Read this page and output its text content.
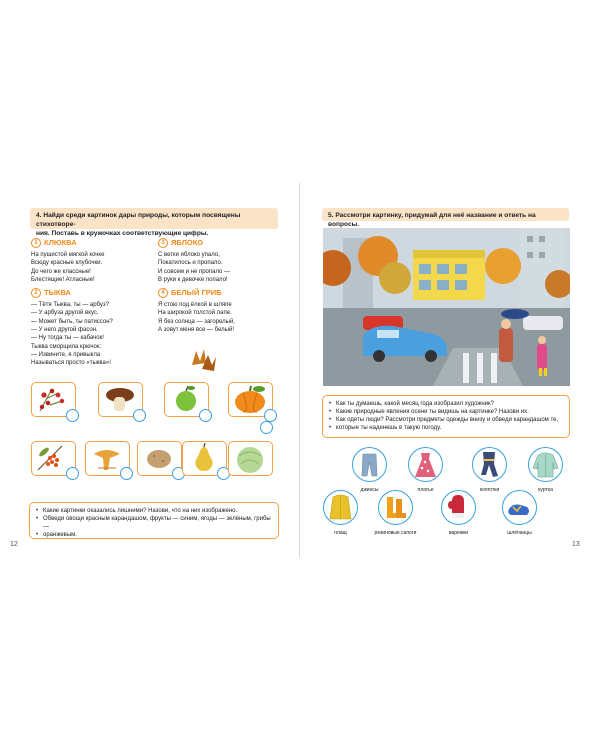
4. Найди среди картинок дары природы, которым посвящены стихотворе-
ния. Поставь в кружочках соответствующие цифры.
1 КЛЮКВА
На пушистой мягкой кочке
Всюду красные клубочки.
До чего же классные!
Блестящие! Атласные!
3 ЯБЛОКО
С ветки яблоко упало,
Покатилось и пропало.
И совсем и не пропало —
В руки к девочке попало!
2 ТЫКВА
— Тётя Тыква, ты — арбуз?
— У арбуза другой вкус.
— Может быть, ты патиссон?
— У него другой фасон.
— Ну тогда ты — кабачок!
Тыква сморщила крючок:
— Извините, я привыкла
Называться просто «тыква»!
4 БЕЛЫЙ ГРИБ
Я стою под ёлкой в шляпе
На широкой толстой лапе.
Я без солнца — загорелый,
А зовут меня все — белый!
• Какие картинки оказались лишними? Назови, что на них изображено.
• Обведи овощи красным карандашом, фрукты — синим, ягоды — зелёным, грибы —
• оранжевым.
12
5. Рассмотри картинку, придумай для неё название и ответь на вопросы.
• Как ты думаешь, какой месяц года изобразил художник?
• Какие природные явления осени ты видишь на картинке? Назови их.
• Как одеты люди? Рассмотри предметы одежды внизу и обведи карандашом те,
• которые ты наденешь в такую погоду.
джинсы	платье	колготки	куртка
плащ	резиновые сапоги	варежки	шлёпанцы
13
